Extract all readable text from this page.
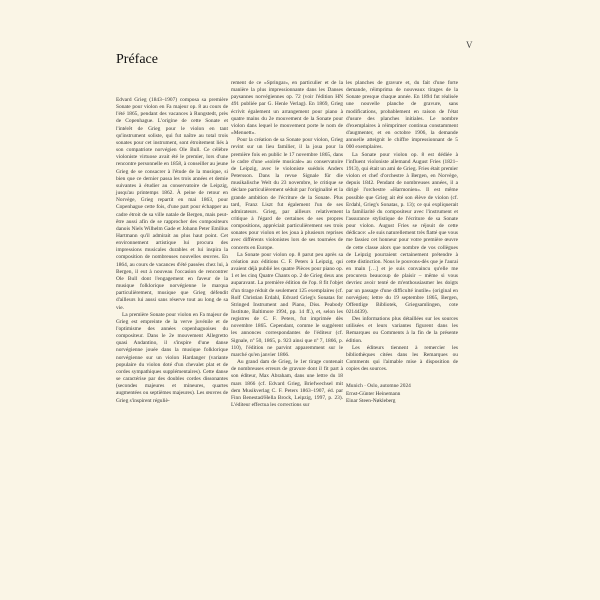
V
Préface

Edvard Grieg (1843–1907) composa sa première Sonate pour violon en Fa majeur op. 8 au cours de l'été 1865, pendant des vacances à Rungstedt, près de Copenhague. L'origine de cette Sonate et l'intérêt de Grieg pour le violon en tant qu'instrument soliste, qui fut naître au total trois sonates pour cet instrument, sont étroitement liés à son compatriote norvégien Ole Bull. Ce célèbre violoniste virtuose avait été le premier, lors d'une rencontre personnelle en 1858, à conseiller au jeune Grieg de se consacrer à l'étude de la musique, si bien que ce dernier passa les trois années et demie suivantes à étudier au conservatoire de Leipzig, jusqu'au printemps 1862. À peine de retour en Norvège, Grieg repartit en mai 1863, pour Copenhague cette fois, d'une part pour échapper au cadre étroit de sa ville natale de Bergen, mais peut-être aussi afin de se rapprocher des compositeurs danois Niels Wilhelm Gade et Johann Peter Emilius Hartmann qu'il admirait au plus haut point. Cet environnement artistique lui procura des impressions musicales durables et lui inspira la composition de nombreuses nouvelles œuvres. En 1864, au cours de vacances d'été passées chez lui, à Bergen, il eut à nouveau l'occasion de rencontrer Ole Bull dont l'engagement en faveur de la musique folklorique norvégienne le marqua particulièrement, musique que Grieg défendit d'ailleurs lui aussi sans réserve tout au long de sa vie.

La première Sonate pour violon en Fa majeur de Grieg est empreinte de la verve juvénile et de l'optimisme des années copenhaguoises du compositeur. Dans le 2e mouvement Allegretto quasi Andantino, il s'inspire d'une danse norvégienne jouée dans la musique folklorique norvégienne sur un violon Hardanger (variante populaire du violon doté d'un chevalet plat et de cordes sympathiques supplémentaires). Cette danse se caractérise par des doubles cordes dissonantes (secondes majeures et mineures, quartes augmentées ou septièmes majeures). Les œuvres de Grieg s'inspirent réguliè-

rement de ce «Springar», en particulier et de la manière la plus impressionnante dans les Danses paysannes norvégiennes op. 72 (voir l'édition HN 491 publiée par G. Henle Verlag). En 1869, Grieg écrivit également un arrangement pour piano à quatre mains du 2e mouvement de la Sonate pour violon dans lequel le mouvement porte le nom de «Menuett».

Pour la création de sa Sonate pour violon, Grieg revint sur un lieu familier, il la joua pour la première fois en public le 17 novembre 1865, dans le cadre d'une «soirée musicale» au conservatoire de Leipzig, avec le violoniste suédois Anders Petersson. Dans la revue Signale für die musikalische Welt du 23 novembre, le critique se déclare particulièrement séduit par l'originalité et la grande ambition de l'écriture de la Sonate. Plus tard, Franz Liszt fut également l'un de ses admirateurs. Grieg, par ailleurs relativement critique à l'égard de certaines de ses propres compositions, appréciait particulièrement ses trois sonates pour violon et les joua à plusieurs reprises avec différents violonistes lors de ses tournées de concerts en Europe.

La Sonate pour violon op. 8 parut peu après sa création aux éditions C. F. Peters à Leipzig, qui avaient déjà publié les quatre Pièces pour piano op. 1 et les cinq Quatre Chants op. 2 de Grieg deux ans auparavant. La première édition de l'op. 8 fit l'objet d'un tirage réduit de seulement 125 exemplaires (cf. Rolf Christian Erdahl, Edvard Grieg's Sonatas for Stringed Instrument and Piano, Diss. Peabody Institute, Baltimore 1994, pp. 14 ff.), et, selon les registres de C. F. Peters, fut imprimée dès novembre 1865. Cependant, comme le suggèrent les annonces correspondantes de l'éditeur (cf. Signale, nº 50, 1865, p. 923 ainsi que nº 7, 1866, p. 110), l'édition ne parvint apparemment sur le marché qu'en janvier 1866.

Au grand dam de Grieg, le 1er tirage contenait de nombreuses erreurs de gravure dont il fit part à son éditeur, Max Abraham, dans une lettre du 18 mars 1866 (cf. Edvard Grieg, Briefwechsel mit dem Musikverlag C. F. Peters 1863–1907, éd. par Finn Benestad/Hella Brock, Leipzig, 1997, p. 23). L'éditeur effectua les corrections sur

les planches de gravure et, du fait d'une forte demande, réimprima de nouveaux tirages de la Sonate presque chaque année. En 1894 fut réalisée une nouvelle planche de gravure, sans modifications, probablement en raison de l'état d'usure des planches initiales. Le nombre d'exemplaires à réimprimer continua constamment d'augmenter, et en octobre 1906, la demande annuelle atteignit le chiffre impressionnant de 5 000 exemplaires.

La Sonate pour violon op. 8 est dédiée à l'influent violoniste allemand August Fries (1821–1913), qui était un ami de Grieg. Fries était premier violon et chef d'orchestre à Bergen, en Norvège, depuis 1842. Pendant de nombreuses années, il a dirigé l'orchestre «Harmonien». Il est même possible que Grieg ait été son élève de violon (cf. Erdahl, Grieg's Sonatas, p. 13); ce qui expliquerait la familiarité du compositeur avec l'instrument et l'assurance stylistique de l'écriture de sa Sonate pour violon. August Fries se réjouit de cette dédicace: «Je suis naturellement très flatté que vous me fassiez cet honneur pour votre première œuvre de cette classe alors que nombre de vos collègues de Leipzig pourraient certainement prétendre à cette distinction. Nous le pouvons-dès que je l'aurai en main […] et je suis convaincu qu'elle me procurera beaucoup de plaisir – même si vous devriez avoir tenté de m'enthousiasmer les doigts par un passage d'une difficulté inutile» (original en norvégien; lettre du 19 septembre 1865, Bergen, Offentlige Bibliotek, Griegsamlingen, cote 0214439).

Des informations plus détaillées sur les sources utilisées et leurs variantes figurent dans les Remarques ou Comments à la fin de la présente édition.

Les éditeurs tiennent à remercier les bibliothèques citées dans les Remarques ou Comments qui l'aimable mise à disposition de copies des sources.

Munich · Oslo, automne 2024
Ernst-Günter Heinemann
Einar Steen-Nøkleberg
